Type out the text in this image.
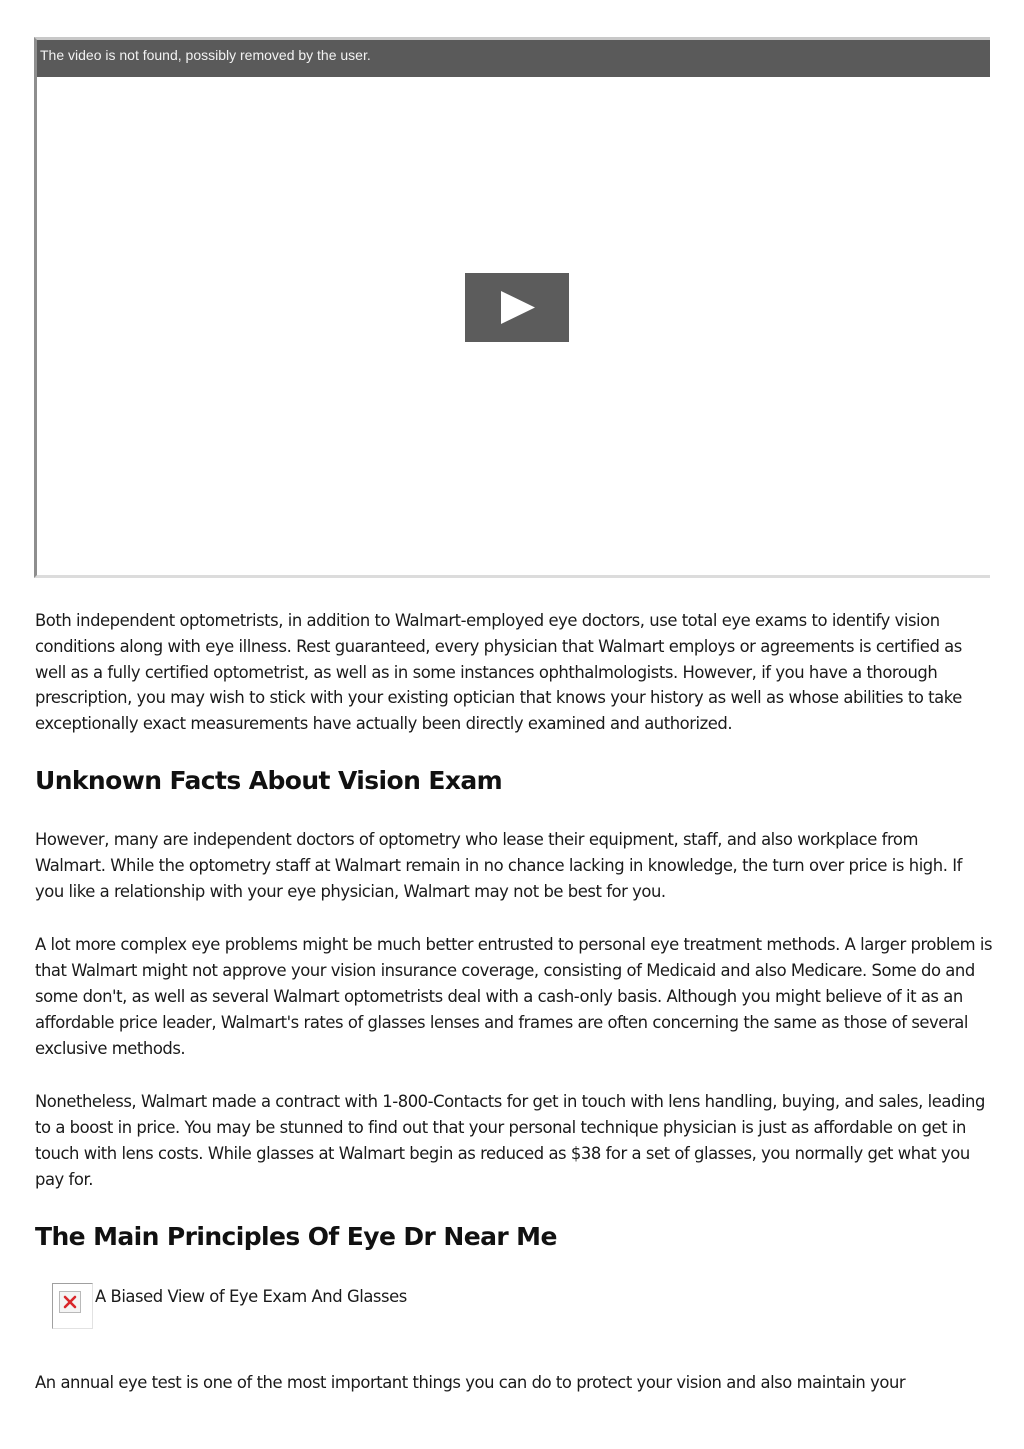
The video is not found, possibly removed by the user.

Both independent optometrists, in addition to Walmart-employed eye doctors, use total eye exams to identify vision conditions along with eye illness. Rest guaranteed, every physician that Walmart employs or agreements is certified as well as a fully certified optometrist, as well as in some instances ophthalmologists. However, if you have a thorough prescription, you may wish to stick with your existing optician that knows your history as well as whose abilities to take exceptionally exact measurements have actually been directly examined and authorized.

Unknown Facts About Vision Exam

However, many are independent doctors of optometry who lease their equipment, staff, and also workplace from Walmart. While the optometry staff at Walmart remain in no chance lacking in knowledge, the turn over price is high. If you like a relationship with your eye physician, Walmart may not be best for you.

A lot more complex eye problems might be much better entrusted to personal eye treatment methods. A larger problem is that Walmart might not approve your vision insurance coverage, consisting of Medicaid and also Medicare. Some do and some don't, as well as several Walmart optometrists deal with a cash-only basis. Although you might believe of it as an affordable price leader, Walmart's rates of glasses lenses and frames are often concerning the same as those of several exclusive methods.

Nonetheless, Walmart made a contract with 1-800-Contacts for get in touch with lens handling, buying, and sales, leading to a boost in price. You may be stunned to find out that your personal technique physician is just as affordable on get in touch with lens costs. While glasses at Walmart begin as reduced as $38 for a set of glasses, you normally get what you pay for.

The Main Principles Of Eye Dr Near Me
A Biased View of Eye Exam And Glasses

An annual eye test is one of the most important things you can do to protect your vision and also maintain your
